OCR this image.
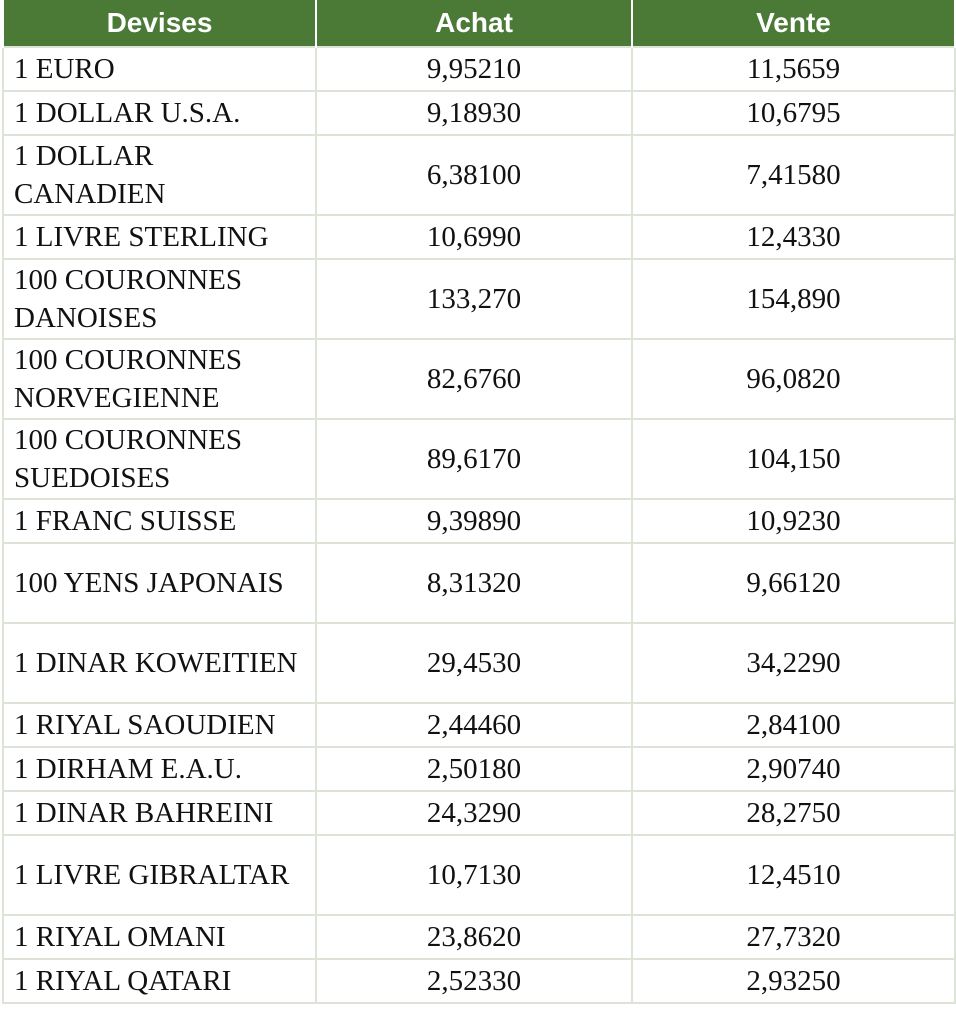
Devises	Achat	Vente
1 EURO	9,95210	11,5659
1 DOLLAR U.S.A.	9,18930	10,6795
1 DOLLAR CANADIEN	6,38100	7,41580
1 LIVRE STERLING	10,6990	12,4330
100 COURONNES DANOISES	133,270	154,890
100 COURONNES NORVEGIENNE	82,6760	96,0820
100 COURONNES SUEDOISES	89,6170	104,150
1 FRANC SUISSE	9,39890	10,9230
100 YENS JAPONAIS	8,31320	9,66120
1 DINAR KOWEITIEN	29,4530	34,2290
1 RIYAL SAOUDIEN	2,44460	2,84100
1 DIRHAM E.A.U.	2,50180	2,90740
1 DINAR BAHREINI	24,3290	28,2750
1 LIVRE GIBRALTAR	10,7130	12,4510
1 RIYAL OMANI	23,8620	27,7320
1 RIYAL QATARI	2,52330	2,93250
